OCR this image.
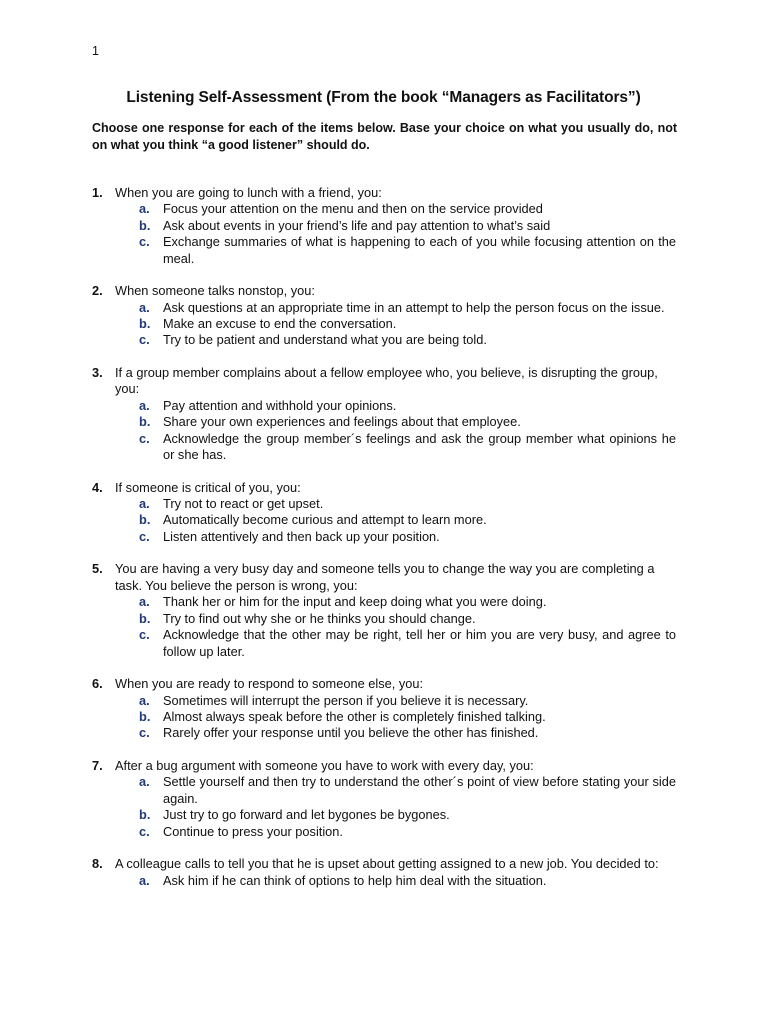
1
Listening Self-Assessment (From the book “Managers as Facilitators”)
Choose one response for each of the items below. Base your choice on what you usually do, not on what you think “a good listener” should do.
1. When you are going to lunch with a friend, you:
a.	Focus your attention on the menu and then on the service provided
b. Ask about events in your friend’s life and pay attention to what’s said
c.	Exchange summaries of what is happening to each of you while focusing attention on the meal.
2. When someone talks nonstop, you:
a.	Ask questions at an appropriate time in an attempt to help the person focus on the issue.
b. Make an excuse to end the conversation.
c.	Try to be patient and understand what you are being told.
3. If a group member complains about a fellow employee who, you believe, is disrupting the group, you:
a.	Pay attention and withhold your opinions.
b. Share your own experiences and feelings about that employee.
c.	Acknowledge the group member´s feelings and ask the group member what opinions he or she has.
4. If someone is critical of you, you:
a.	Try not to react or get upset.
b. Automatically become curious and attempt to learn more.
c.	Listen attentively and then back up your position.
5. You are having a very busy day and someone tells you to change the way you are completing a task. You believe the person is wrong, you:
a.	Thank her or him for the input and keep doing what you were doing.
b. Try to find out why she or he thinks you should change.
c.	Acknowledge that the other may be right, tell her or him you are very busy, and agree to follow up later.
6. When you are ready to respond to someone else, you:
a.	Sometimes will interrupt the person if you believe it is necessary.
b. Almost always speak before the other is completely finished talking.
c.	Rarely offer your response until you believe the other has finished.
7. After a bug argument with someone you have to work with every day, you:
a.	Settle yourself and then try to understand the other´s point of view before stating your side again.
b. Just try to go forward and let bygones be bygones.
c.	Continue to press your position.
8. A colleague calls to tell you that he is upset about getting assigned to a new job. You decided to:
a.	Ask him if he can think of options to help him deal with the situation.
